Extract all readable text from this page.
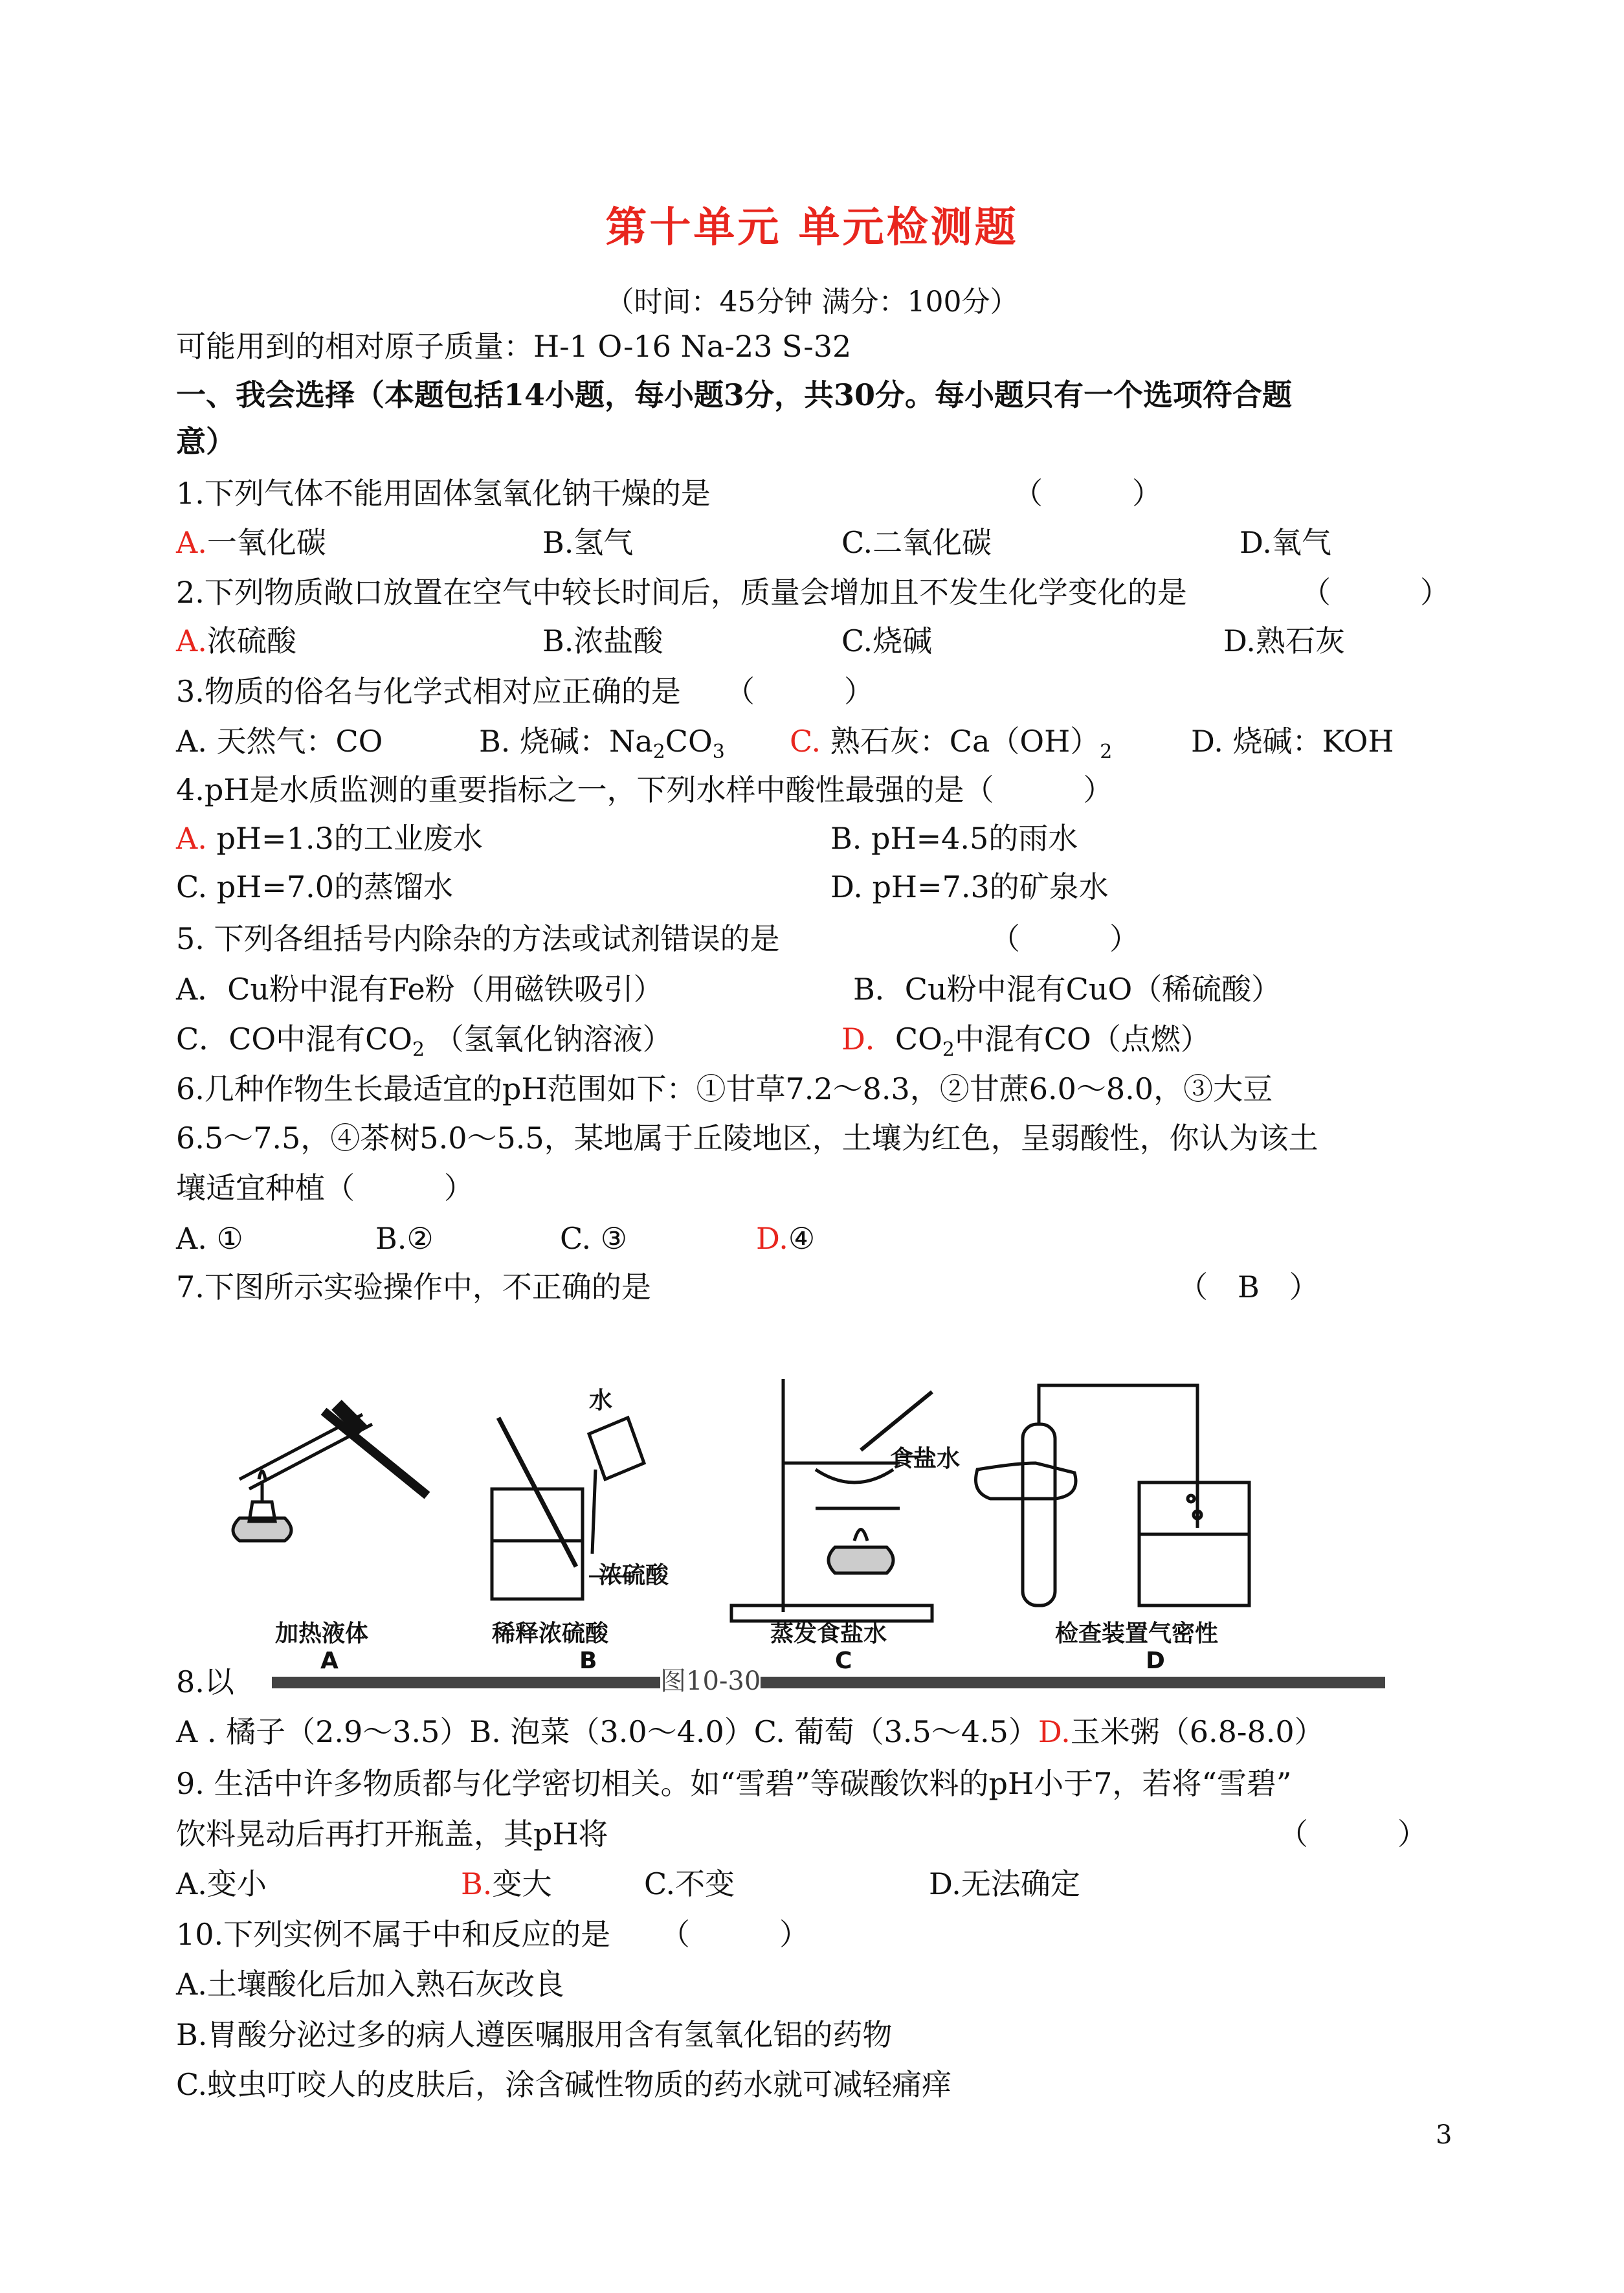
第十单元 单元检测题
（时间：45分钟 满分：100分）
可能用到的相对原子质量：H-1 O-16 Na-23 S-32
一、我会选择（本题包括14小题，每小题3分，共30分。每小题只有一个选项符合题
意）
1.下列气体不能用固体氢氧化钠干燥的是	（　　　）
A.一氧化碳	B.氢气	C.二氧化碳	D.氧气
2.下列物质敞口放置在空气中较长时间后，质量会增加且不发生化学变化的是	（　　　）
A.浓硫酸	B.浓盐酸	C.烧碱	D.熟石灰
3.物质的俗名与化学式相对应正确的是 （　　　）
A. 天然气：CO	B. 烧碱：$Na_2CO_3$ C. 熟石灰：$Ca(OH)_2$	D. 烧碱：KOH
4.pH是水质监测的重要指标之一，下列水样中酸性最强的是（　　　）
A. pH=1.3的工业废水	B. pH=4.5的雨水
C. pH=7.0的蒸馏水	D. pH=7.3的矿泉水
5. 下列各组括号内除杂的方法或试剂错误的是	（　　　）
A．Cu粉中混有Fe粉（用磁铁吸引）	B．Cu粉中混有CuO（稀硫酸）
C．CO中混有$CO_2$ （氢氧化钠溶液）	D．$CO_2$中混有CO（点燃）
6.几种作物生长最适宜的pH范围如下：①甘草7.2～8.3，②甘蔗6.0～8.0，③大豆
6.5～7.5，④茶树5.0～5.5，某地属于丘陵地区，土壤为红色，呈弱酸性，你认为该土
壤适宜种植（　　　）
A. ①	B.②	C. ③	D.④
7.下图所示实验操作中，不正确的是	（　B　）
水
浓硫酸
食盐水
加热液体	稀释浓硫酸	蒸发食盐水	检查装置气密性
A	B	C	D
8.以	图10-30
A . 橘子（2.9～3.5）B. 泡菜（3.0～4.0）C. 葡萄（3.5～4.5）D.玉米粥（6.8-8.0）
9. 生活中许多物质都与化学密切相关。如“雪碧”等碳酸饮料的pH小于7，若将“雪碧”
饮料晃动后再打开瓶盖，其pH将	（　　　）
A.变小	B.变大	C.不变	D.无法确定
10.下列实例不属于中和反应的是 （　　　）
A.土壤酸化后加入熟石灰改良
B.胃酸分泌过多的病人遵医嘱服用含有氢氧化铝的药物
C.蚊虫叮咬人的皮肤后，涂含碱性物质的药水就可减轻痛痒
3
